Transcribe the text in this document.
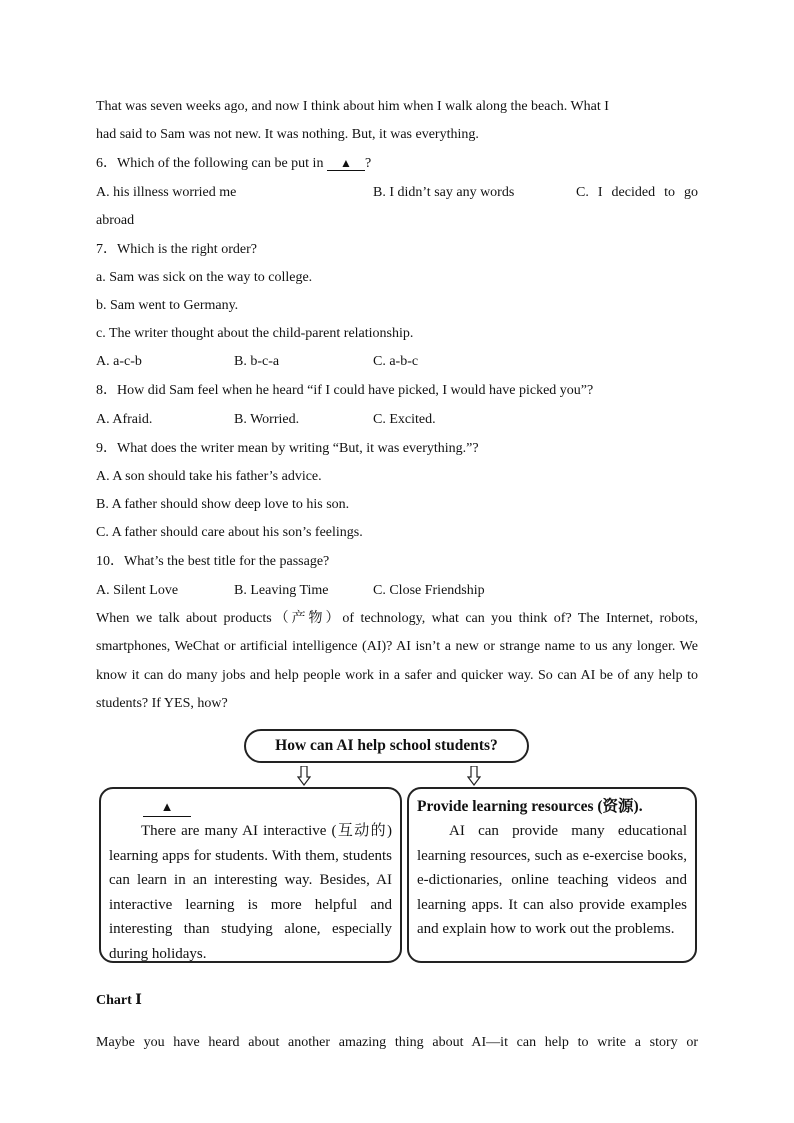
That was seven weeks ago, and now I think about him when I walk along the beach. What I

had said to Sam was not new. It was nothing. But, it was everything.

6．Which of the following can be put in ▲ ?

A. his illness worried me	B. I didn’t say any words	C. I decided to go

abroad

7．Which is the right order?

a. Sam was sick on the way to college.

b. Sam went to Germany.

c. The writer thought about the child-parent relationship.

A. a-c-b	B. b-c-a	C. a-b-c

8．How did Sam feel when he heard “if I could have picked, I would have picked you”?

A. Afraid.	B. Worried.	C. Excited.

9．What does the writer mean by writing “But, it was everything.”?

A. A son should take his father’s advice.

B. A father should show deep love to his son.

C. A father should care about his son’s feelings.

10．What’s the best title for the passage?

A. Silent Love	B. Leaving Time	C. Close Friendship

When we talk about products（产物）of technology, what can you think of? The Internet, robots, smartphones, WeChat or artificial intelligence (AI)? AI isn’t a new or strange name to us any longer. We know it can do many jobs and help people work in a safer and quicker way. So can AI be of any help to students? If YES, how?

How can AI help school students?
▲

There are many AI interactive (互动的) learning apps for students. With them, students can learn in an interesting way. Besides, AI interactive learning is more helpful and interesting than studying alone, especially during holidays.

Provide learning resources (资源).

AI can provide many educational learning resources, such as e-exercise books, e-dictionaries, online teaching videos and learning apps. It can also provide examples and explain how to work out the problems.

Chart Ⅰ

Maybe you have heard about another amazing thing about AI—it can help to write a story or
